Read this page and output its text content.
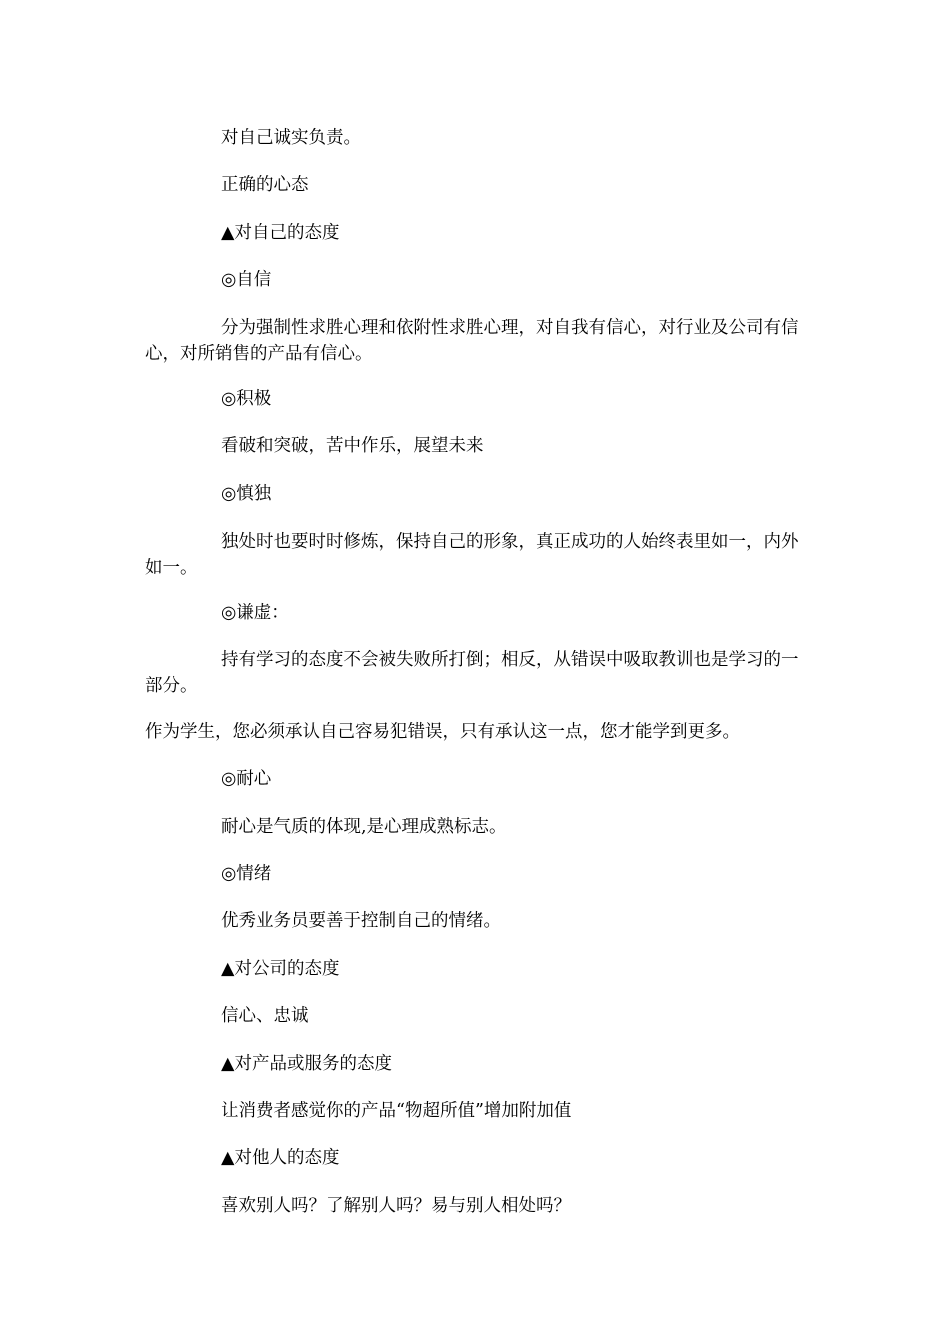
对自己诚实负责。

正确的心态

▲对自己的态度

◎自信

分为强制性求胜心理和依附性求胜心理，对自我有信心，对行业及公司有信心，对所销售的产品有信心。

◎积极

看破和突破，苦中作乐，展望未来

◎慎独

独处时也要时时修炼，保持自己的形象，真正成功的人始终表里如一，内外如一。

◎谦虚：

持有学习的态度不会被失败所打倒；相反，从错误中吸取教训也是学习的一部分。

作为学生，您必须承认自己容易犯错误，只有承认这一点，您才能学到更多。

◎耐心

耐心是气质的体现,是心理成熟标志。

◎情绪

优秀业务员要善于控制自己的情绪。

▲对公司的态度

信心、忠诚

▲对产品或服务的态度

让消费者感觉你的产品“物超所值”增加附加值

▲对他人的态度

喜欢别人吗？了解别人吗？易与别人相处吗？
